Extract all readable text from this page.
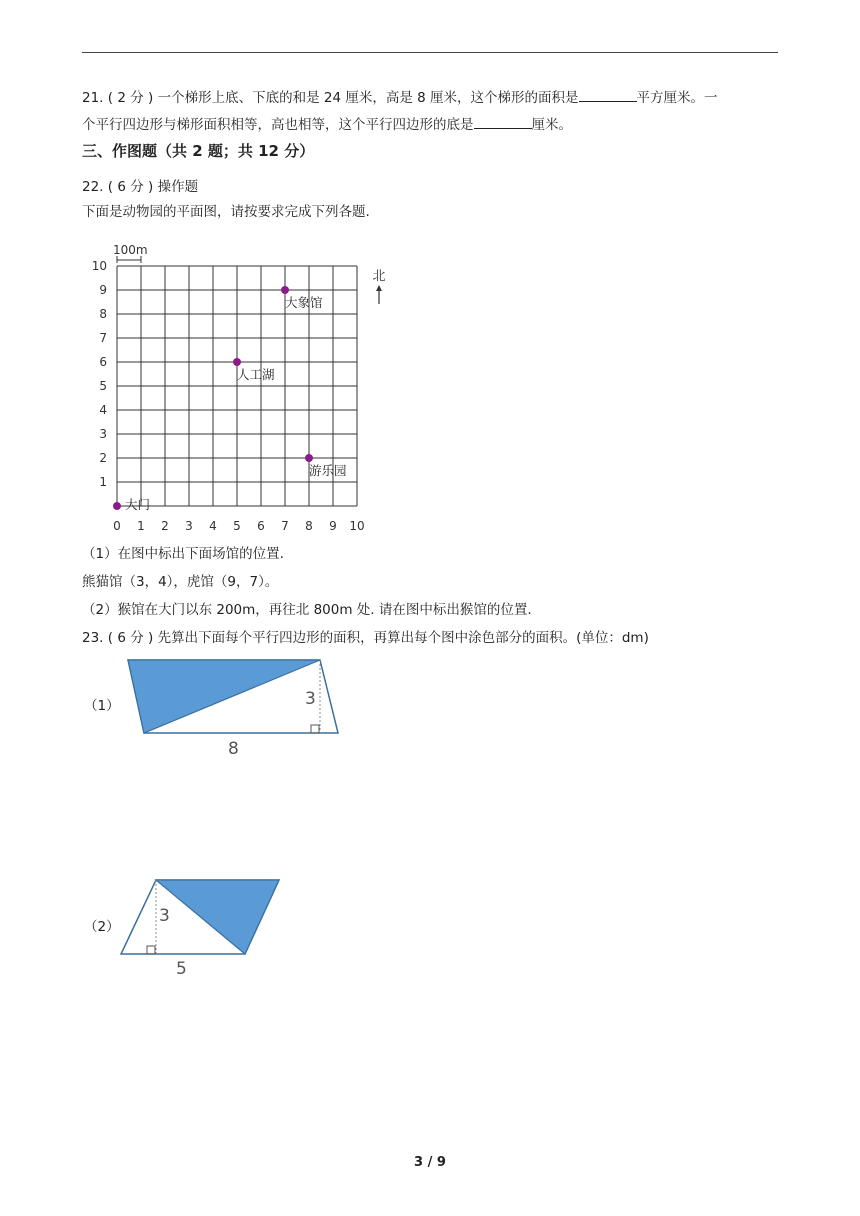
21. ( 2 分 ) 一个梯形上底、下底的和是 24 厘米，高是 8 厘米，这个梯形的面积是	平方厘米。一
个平行四边形与梯形面积相等，高也相等，这个平行四边形的底是	厘米。
三、作图题（共 2 题；共 12 分）
22. ( 6 分 ) 操作题
下面是动物园的平面图，请按要求完成下列各题.
0 1 2 3 4 5 6 7 8 9 10
1
2
3
4
5
6
7
8
9
10
100m
北
大象馆
人工湖
游乐园
大门
（1）在图中标出下面场馆的位置.
熊猫馆（3，4），虎馆（9，7）。
（2）猴馆在大门以东 200m，再往北 800m 处. 请在图中标出猴馆的位置.
23. ( 6 分 ) 先算出下面每个平行四边形的面积，再算出每个图中涂色部分的面积。(单位：dm)
（1）	3
8
（2）
3
5
3 / 9
